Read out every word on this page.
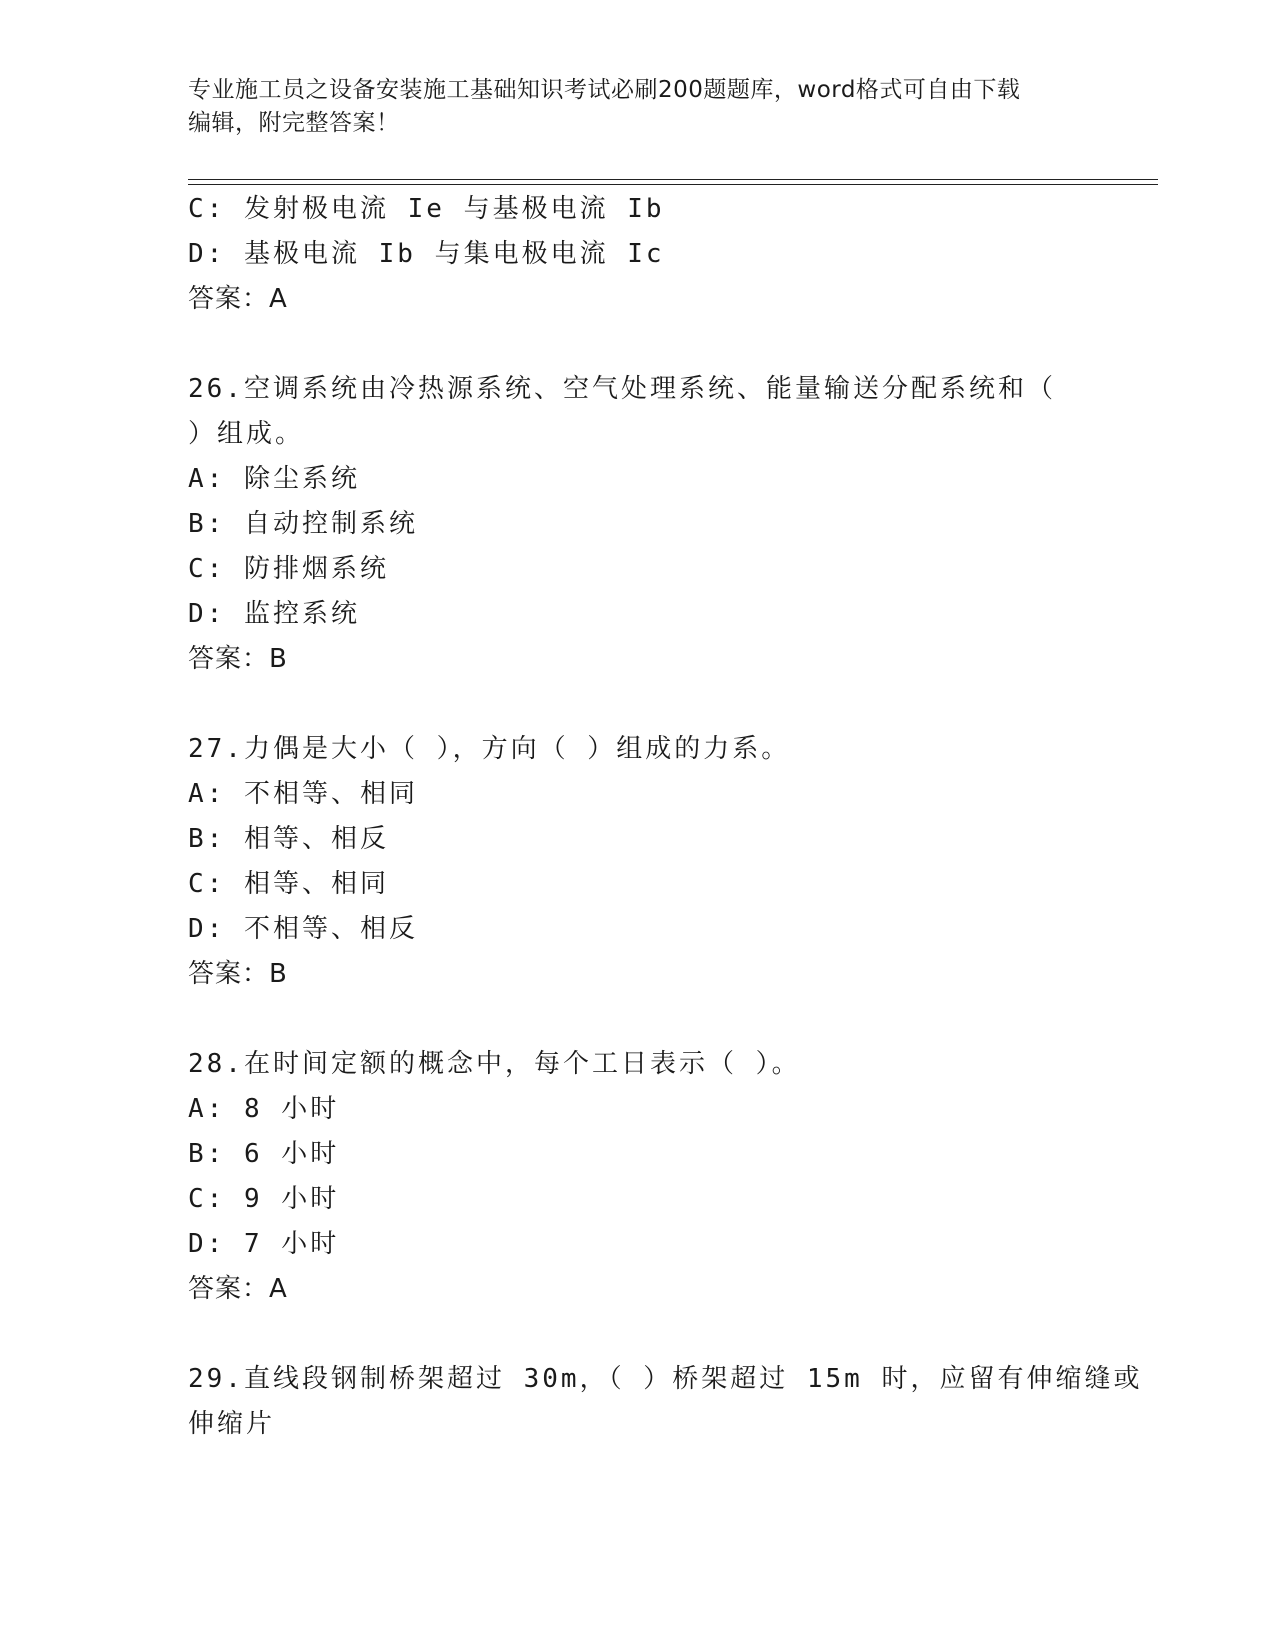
专业施工员之设备安装施工基础知识考试必刷200题题库，word格式可自由下载
编辑，附完整答案！
C: 发射极电流 Ie 与基极电流 Ib
D: 基极电流 Ib 与集电极电流 Ic
答案：A
26.空调系统由冷热源系统、空气处理系统、能量输送分配系统和（
）组成。
A: 除尘系统
B: 自动控制系统
C: 防排烟系统
D: 监控系统
答案：B
27.力偶是大小（ ），方向（ ）组成的力系。
A: 不相等、相同
B: 相等、相反
C: 相等、相同
D: 不相等、相反
答案：B
28.在时间定额的概念中，每个工日表示（ ）。
A: 8 小时
B: 6 小时
C: 9 小时
D: 7 小时
答案：A
29.直线段钢制桥架超过 30m，（ ）桥架超过 15m 时，应留有伸缩缝或
伸缩片
